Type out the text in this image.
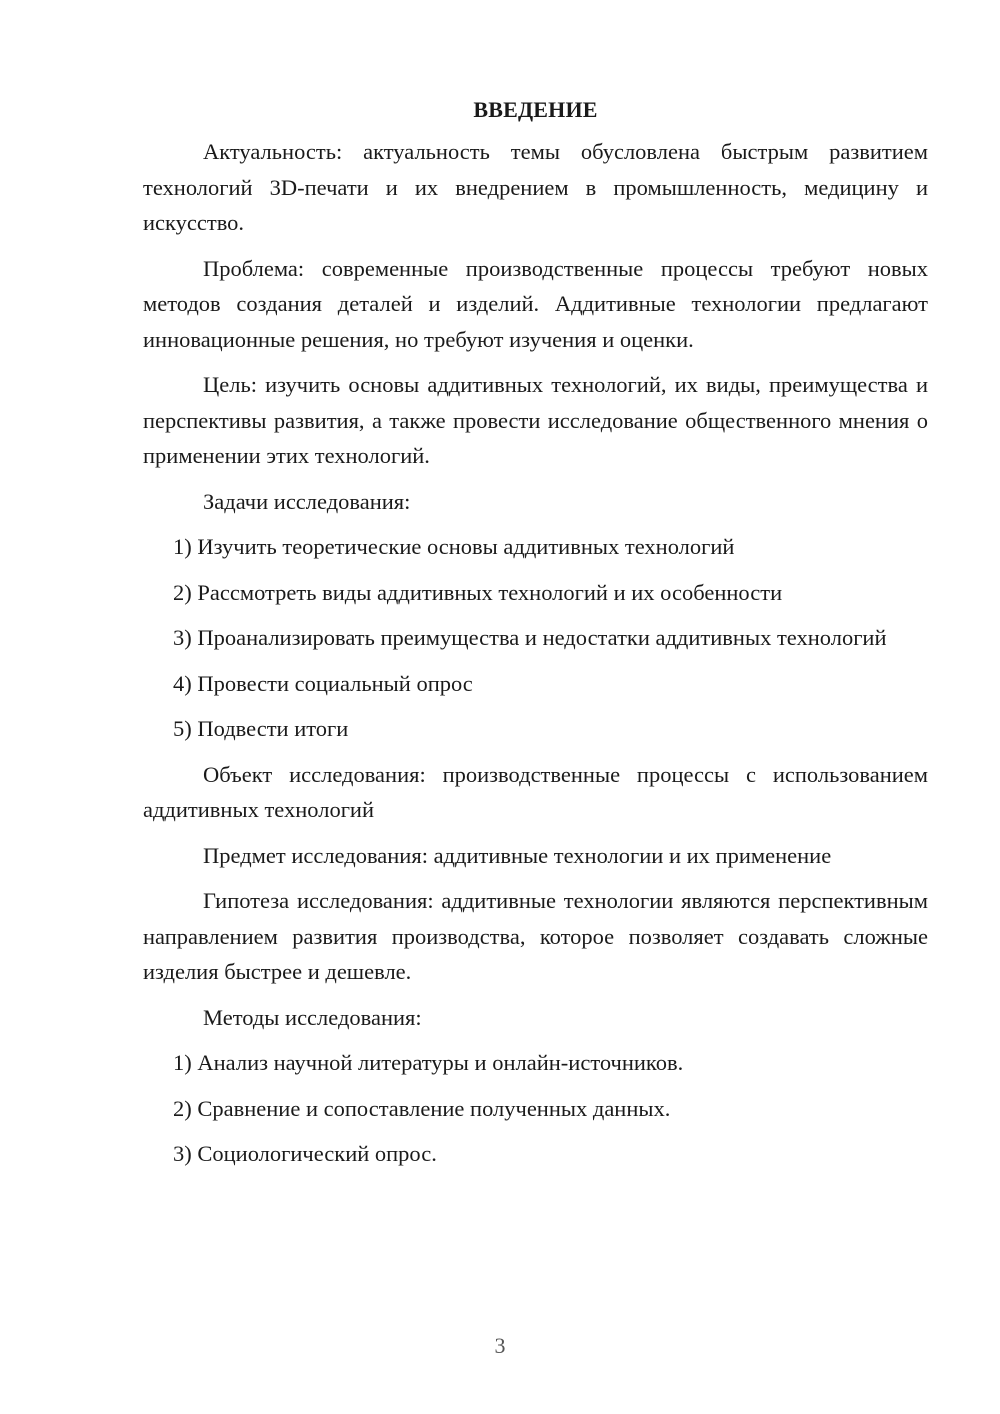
ВВЕДЕНИЕ

Актуальность: актуальность темы обусловлена быстрым развитием технологий 3D-печати и их внедрением в промышленность, медицину и искусство.

Проблема: современные производственные процессы требуют новых методов создания деталей и изделий. Аддитивные технологии предлагают инновационные решения, но требуют изучения и оценки.

Цель: изучить основы аддитивных технологий, их виды, преимущества и перспективы развития, а также провести исследование общественного мнения о применении этих технологий.

Задачи исследования:

1) Изучить теоретические основы аддитивных технологий

2) Рассмотреть виды аддитивных технологий и их особенности

3) Проанализировать преимущества и недостатки аддитивных технологий

4) Провести социальный опрос

5) Подвести итоги

Объект исследования: производственные процессы с использованием аддитивных технологий

Предмет исследования: аддитивные технологии и их применение

Гипотеза исследования: аддитивные технологии являются перспективным направлением развития производства, которое позволяет создавать сложные изделия быстрее и дешевле.

Методы исследования:

1) Анализ научной литературы и онлайн-источников.

2) Сравнение и сопоставление полученных данных.

3) Социологический опрос.

3
